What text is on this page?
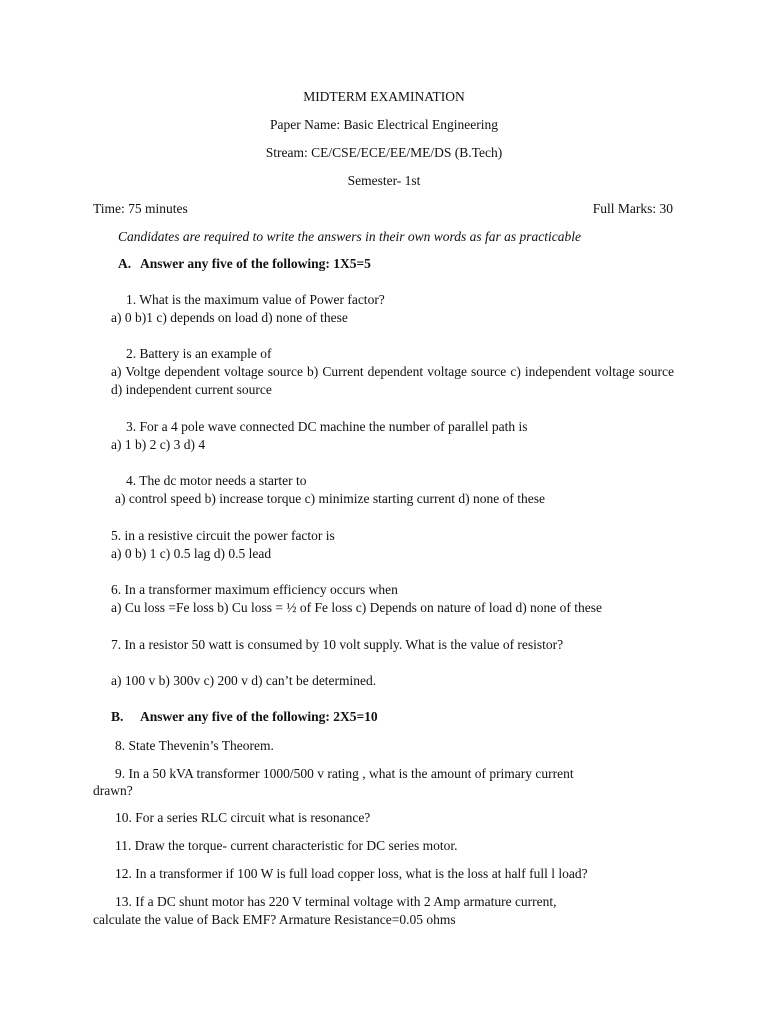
MIDTERM EXAMINATION
Paper Name: Basic Electrical Engineering
Stream: CE/CSE/ECE/EE/ME/DS (B.Tech)
Semester- 1st
Time: 75 minutes	Full Marks: 30
Candidates are required to write the answers in their own words as far as practicable
A. Answer any five of the following: 1X5=5
1. What is the maximum value of Power factor?
a) 0 b)1 c) depends on load d) none of these
2. Battery is an example of
a) Voltge dependent voltage source b) Current dependent voltage source c) independent voltage source d) independent current source
3. For a 4 pole wave connected DC machine the number of parallel path is
a) 1 b) 2 c) 3 d) 4
4. The dc motor needs a starter to
a) control speed b) increase torque c) minimize starting current d) none of these
5. in a resistive circuit the power factor is
a) 0 b) 1 c) 0.5 lag d) 0.5 lead
6. In a transformer maximum efficiency occurs when
a) Cu loss =Fe loss b) Cu loss = ½ of Fe loss c) Depends on nature of load d) none of these
7. In a resistor 50 watt is consumed by 10 volt supply. What is the value of resistor?
a) 100 v b) 300v c) 200 v d) can’t be determined.
B. Answer any five of the following: 2X5=10
8. State Thevenin’s Theorem.
9. In a 50 kVA transformer 1000/500 v rating , what is the amount of primary current
drawn?
10. For a series RLC circuit what is resonance?
11. Draw the torque- current characteristic for DC series motor.
12. In a transformer if 100 W is full load copper loss, what is the loss at half full l load?
13. If a DC shunt motor has 220 V terminal voltage with 2 Amp armature current,
calculate the value of Back EMF? Armature Resistance=0.05 ohms
